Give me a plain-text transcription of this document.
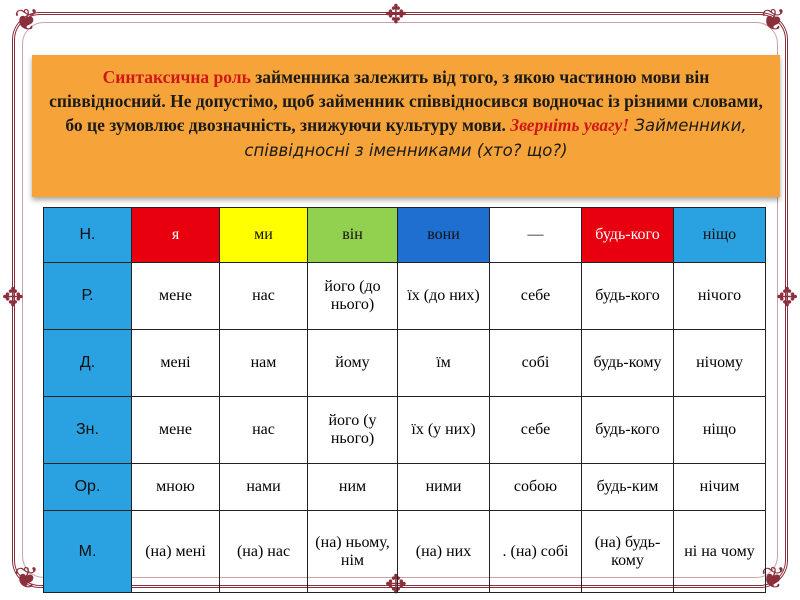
❦	❦
❦	❦
✥
✥
✥	✥
Синтаксична роль займенника залежить від того, з якою частиною мови він співвідносний. Не допустімо, щоб займенник співвідносився водночас із різними словами, бо це зумовлює двозначність, знижуючи культуру мови. Зверніть увагу! Займенники, співвідносні з іменниками (хто? що?)
Н.	я	ми	він	вони	—	будь-кого	ніщо
Р.	мене	нас	його (до нього)	їх (до них)	себе	будь-кого	нічого
Д.	мені	нам	йому	їм	собі	будь-кому	нічому
Зн.	мене	нас	його (у нього)	їх (у них)	себе	будь-кого	ніщо
Ор.	мною	нами	ним	ними	собою	будь-ким	нічим
М.	(на) мені	(на) нас	(на) ньому, нім	(на) них	. (на) собі	(на) будь-кому	ні на чому
